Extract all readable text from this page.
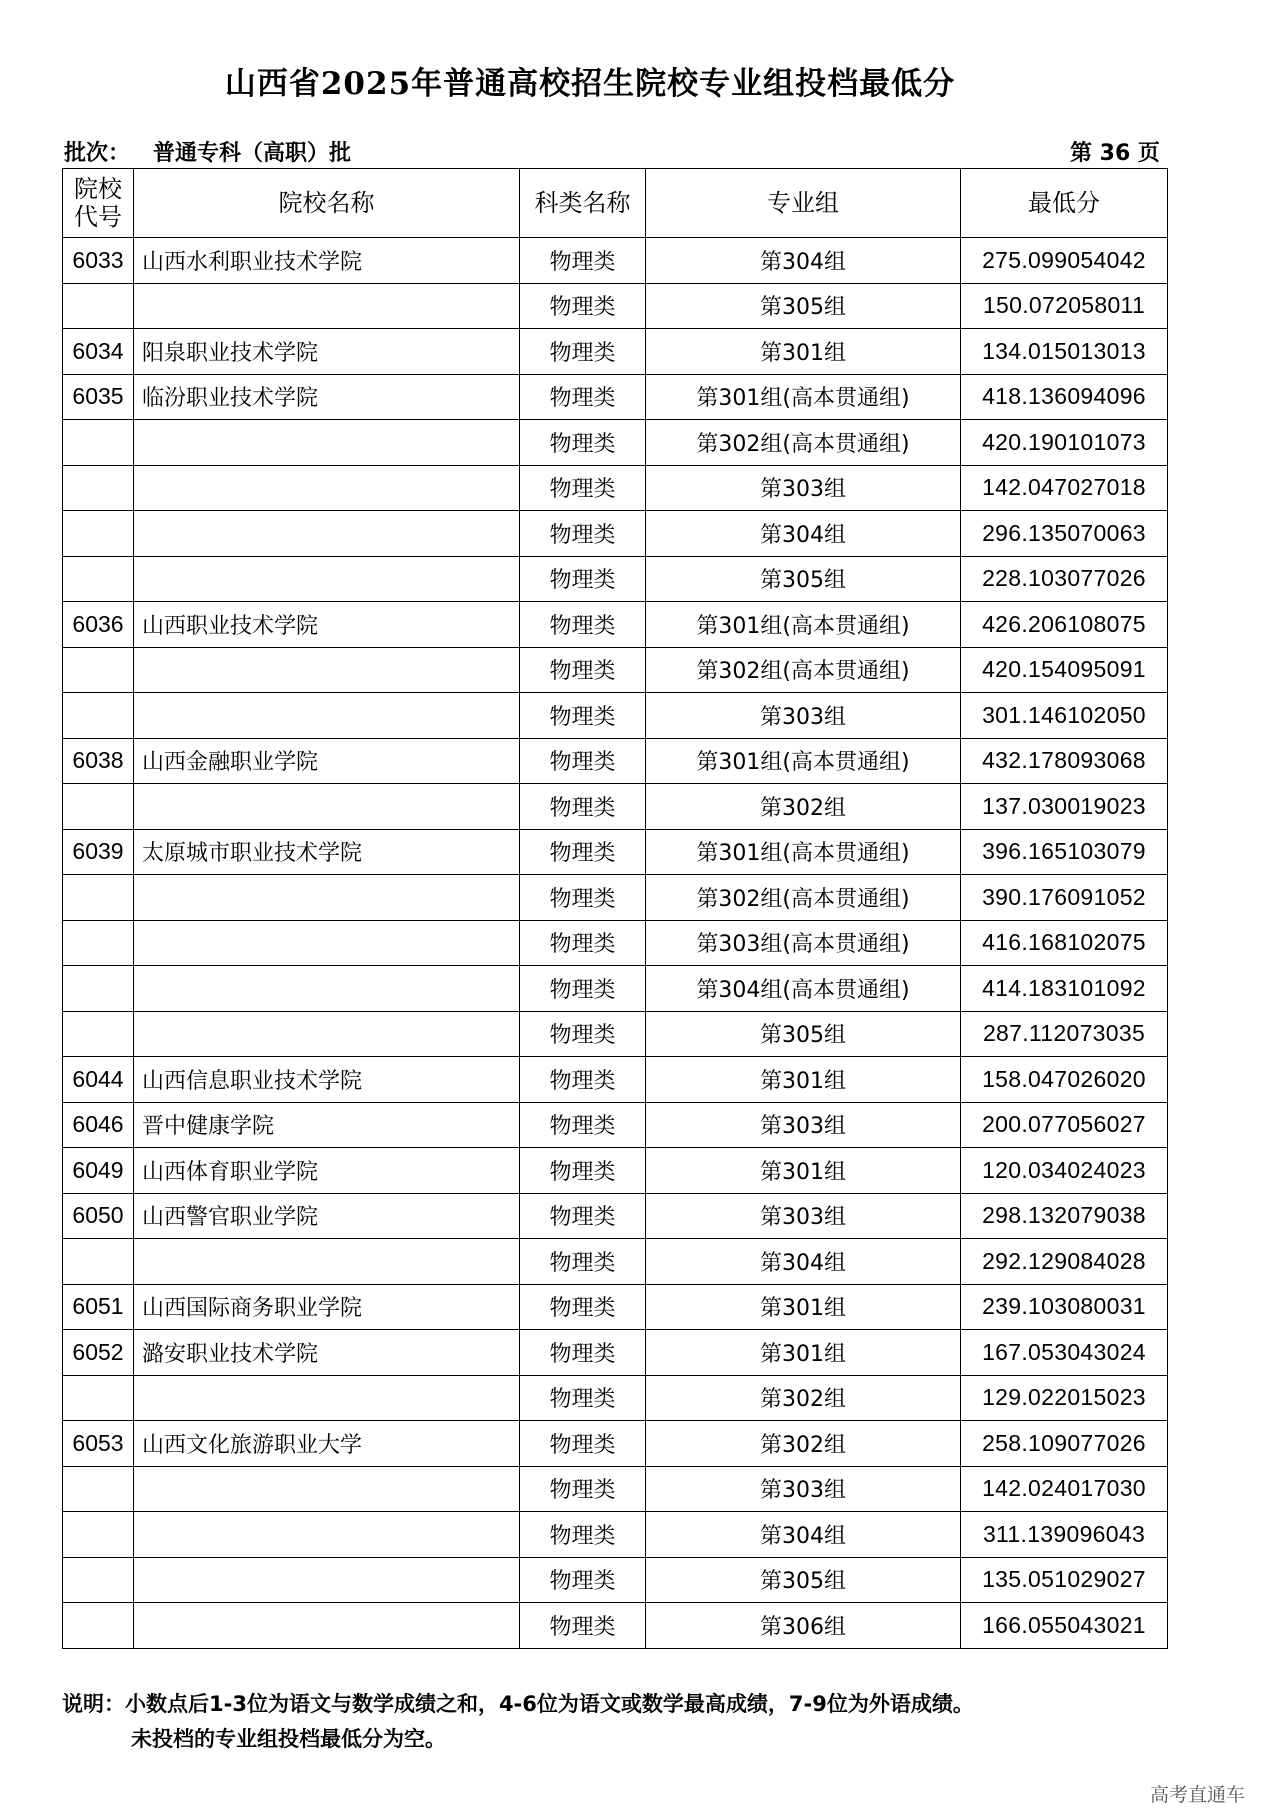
山西省2025年普通高校招生院校专业组投档最低分
批次： 普通专科（高职）批	第 36 页
院校
代号	院校名称	科类名称	专业组	最低分
6033	山西水利职业技术学院	物理类	第304组	275.099054042
		物理类	第305组	150.072058011
6034	阳泉职业技术学院	物理类	第301组	134.015013013
6035	临汾职业技术学院	物理类	第301组(高本贯通组)	418.136094096
		物理类	第302组(高本贯通组)	420.190101073
		物理类	第303组	142.047027018
		物理类	第304组	296.135070063
		物理类	第305组	228.103077026
6036	山西职业技术学院	物理类	第301组(高本贯通组)	426.206108075
		物理类	第302组(高本贯通组)	420.154095091
		物理类	第303组	301.146102050
6038	山西金融职业学院	物理类	第301组(高本贯通组)	432.178093068
		物理类	第302组	137.030019023
6039	太原城市职业技术学院	物理类	第301组(高本贯通组)	396.165103079
		物理类	第302组(高本贯通组)	390.176091052
		物理类	第303组(高本贯通组)	416.168102075
		物理类	第304组(高本贯通组)	414.183101092
		物理类	第305组	287.112073035
6044	山西信息职业技术学院	物理类	第301组	158.047026020
6046	晋中健康学院	物理类	第303组	200.077056027
6049	山西体育职业学院	物理类	第301组	120.034024023
6050	山西警官职业学院	物理类	第303组	298.132079038
		物理类	第304组	292.129084028
6051	山西国际商务职业学院	物理类	第301组	239.103080031
6052	潞安职业技术学院	物理类	第301组	167.053043024
		物理类	第302组	129.022015023
6053	山西文化旅游职业大学	物理类	第302组	258.109077026
		物理类	第303组	142.024017030
		物理类	第304组	311.139096043
		物理类	第305组	135.051029027
		物理类	第306组	166.055043021
说明：小数点后1-3位为语文与数学成绩之和，4-6位为语文或数学最高成绩，7-9位为外语成绩。
未投档的专业组投档最低分为空。
高考直通车
